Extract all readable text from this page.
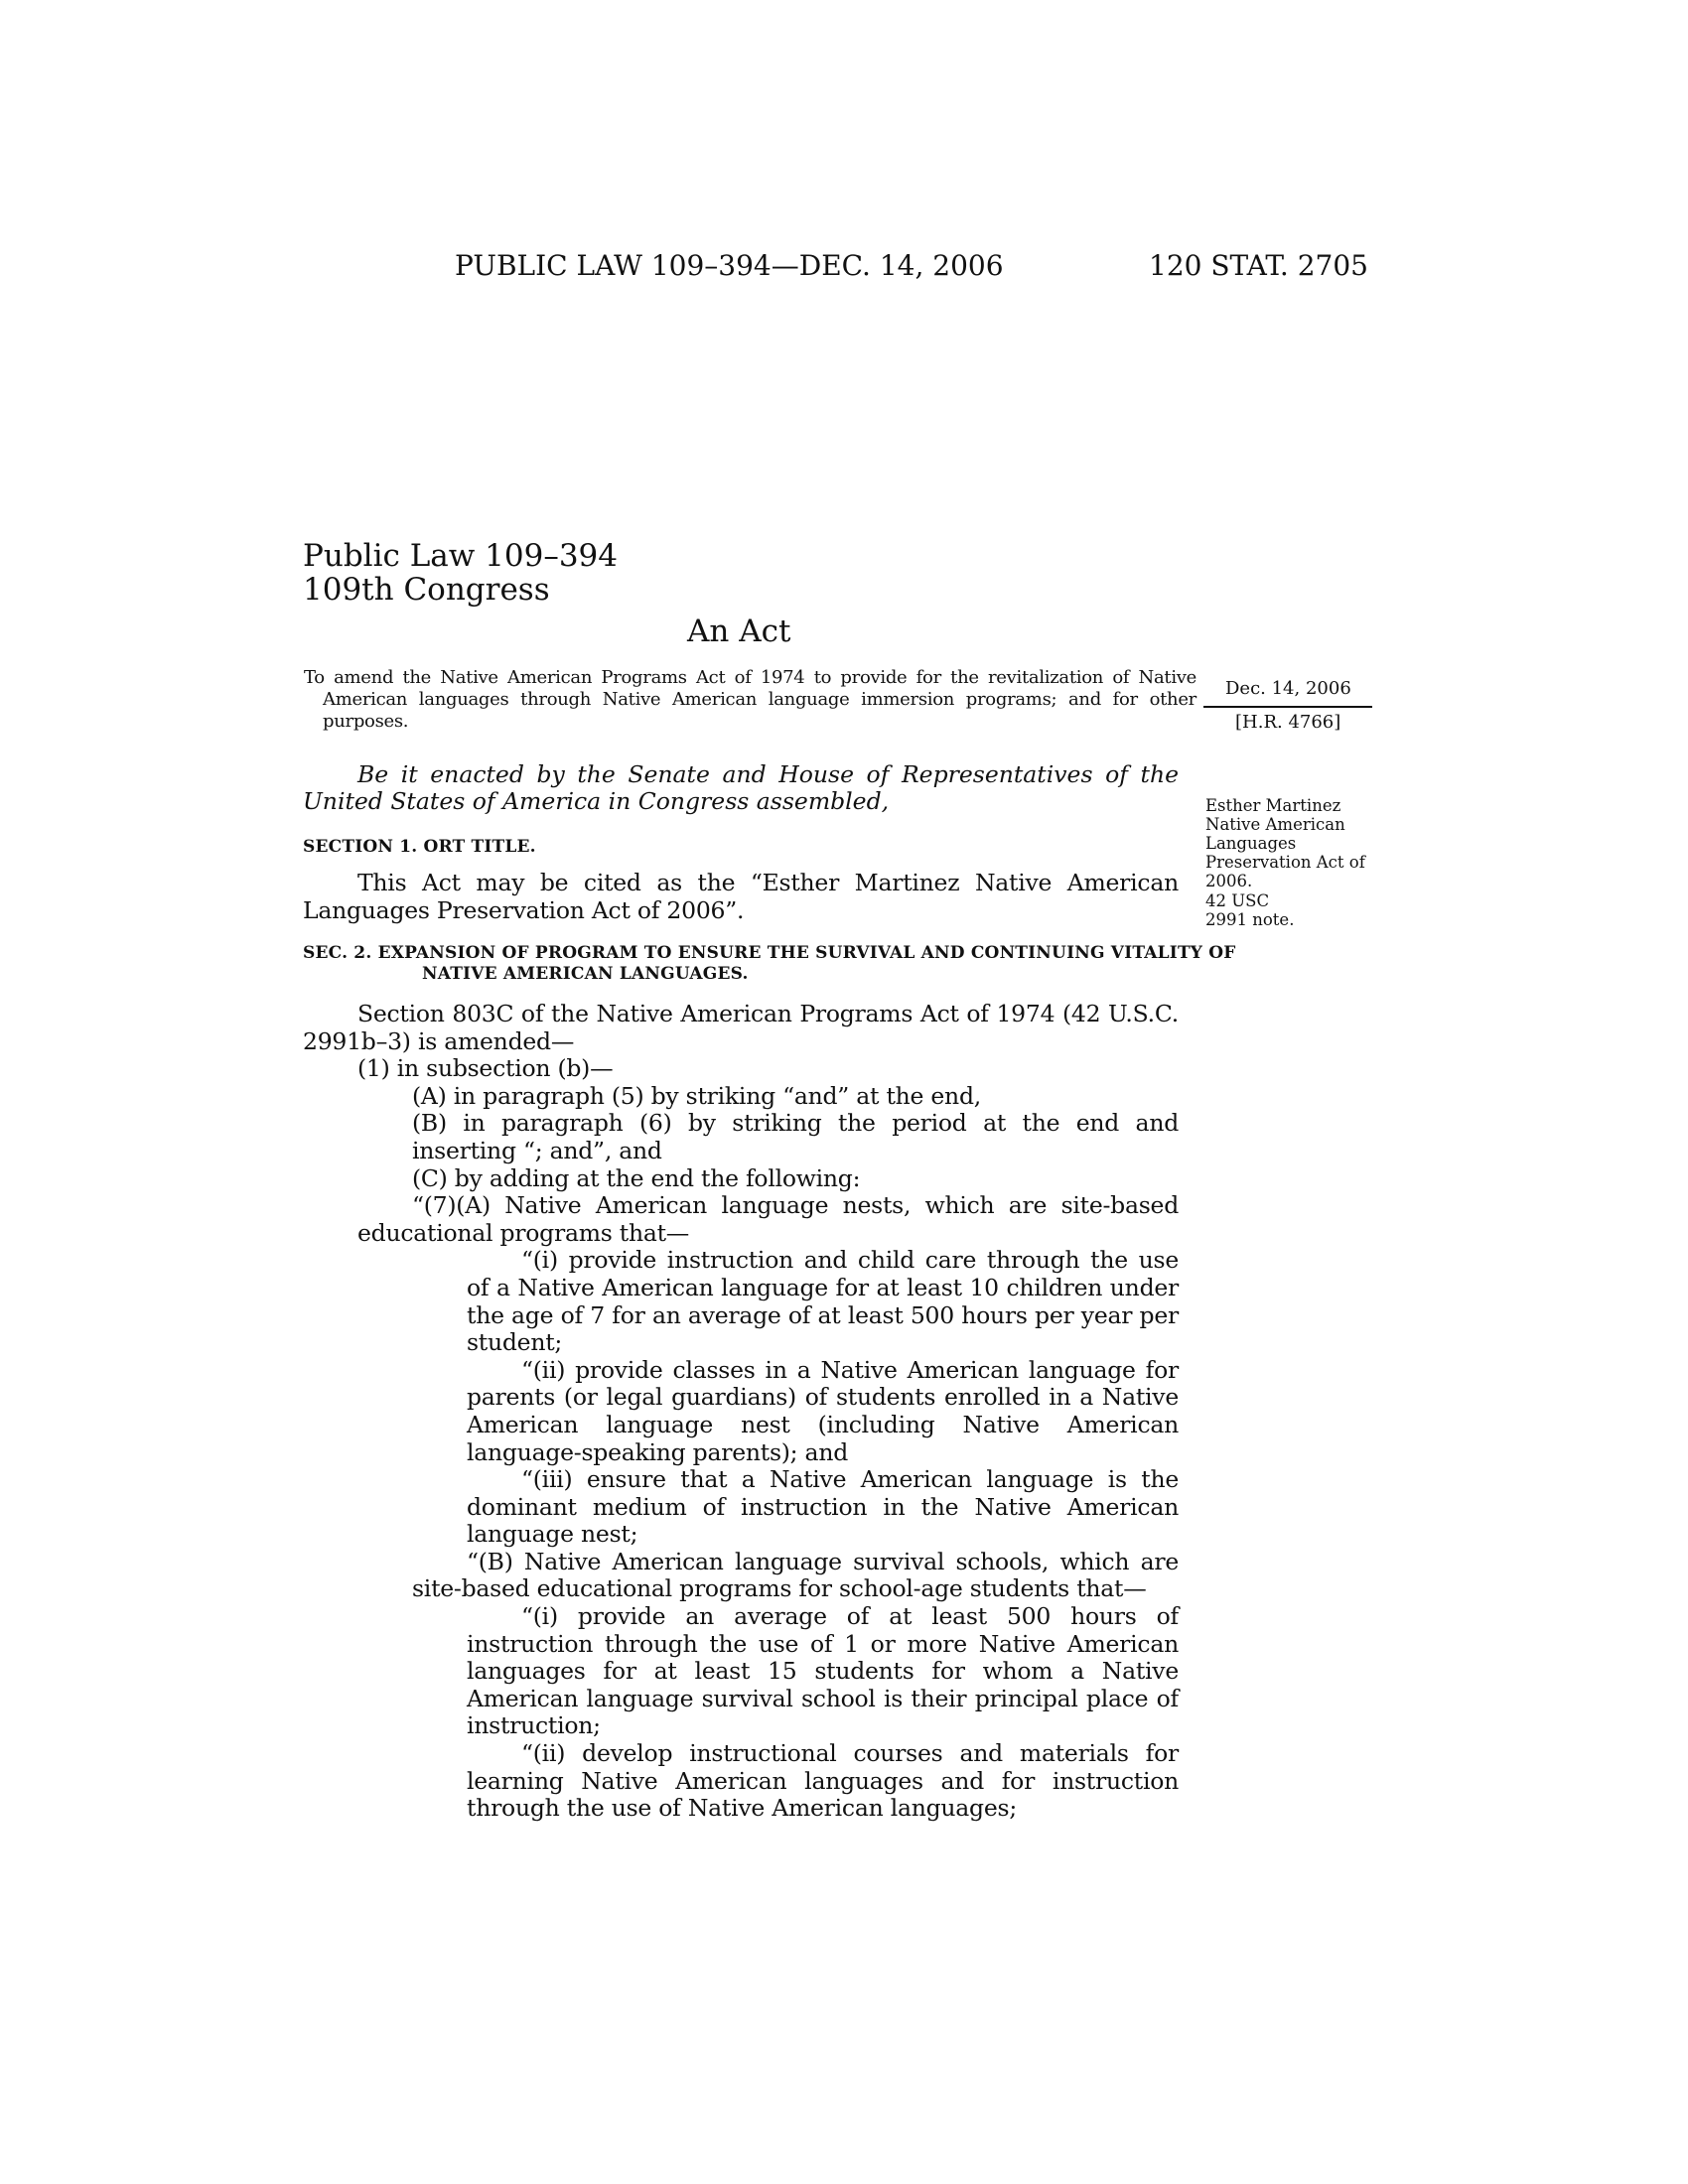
PUBLIC LAW 109–394—DEC. 14, 2006	120 STAT. 2705
Public Law 109–394
109th Congress
An Act
To amend the Native American Programs Act of 1974 to provide for the revitalization of Native American languages through Native American language immersion programs; and for other purposes.
Dec. 14, 2006
[H.R. 4766]
Be it enacted by the Senate and House of Representatives of the United States of America in Congress assembled,	Esther Martinez Native American Languages Preservation Act of 2006.
42 USC 2991 note.
SECTION 1. ORT TITLE.

This Act may be cited as the “Esther Martinez Native American Languages Preservation Act of 2006”.

SEC. 2. EXPANSION OF PROGRAM TO ENSURE THE SURVIVAL AND CONTINUING VITALITY OF NATIVE AMERICAN LANGUAGES.

Section 803C of the Native American Programs Act of 1974 (42 U.S.C. 2991b–3) is amended—

(1) in subsection (b)—

(A) in paragraph (5) by striking “and” at the end,

(B) in paragraph (6) by striking the period at the end and inserting “; and”, and

(C) by adding at the end the following:

“(7)(A) Native American language nests, which are site-based educational programs that—

“(i) provide instruction and child care through the use of a Native American language for at least 10 children under the age of 7 for an average of at least 500 hours per year per student;

“(ii) provide classes in a Native American language for parents (or legal guardians) of students enrolled in a Native American language nest (including Native American language-speaking parents); and

“(iii) ensure that a Native American language is the dominant medium of instruction in the Native American language nest;

“(B) Native American language survival schools, which are site-based educational programs for school-age students that—

“(i) provide an average of at least 500 hours of instruction through the use of 1 or more Native American languages for at least 15 students for whom a Native American language survival school is their principal place of instruction;

“(ii) develop instructional courses and materials for learning Native American languages and for instruction through the use of Native American languages;
